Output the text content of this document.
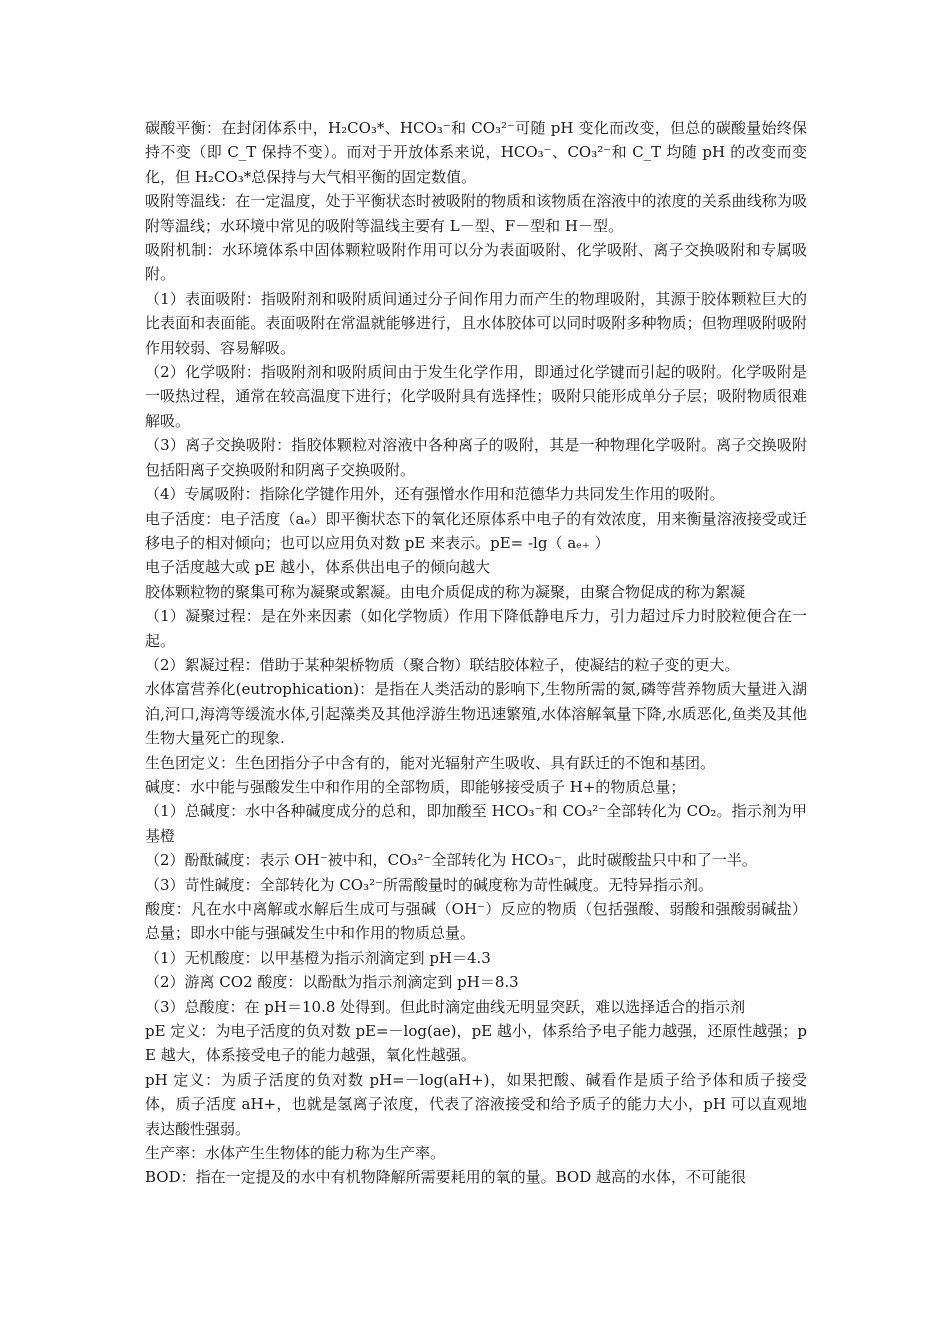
碳酸平衡：在封闭体系中，H₂CO₃*、HCO₃⁻和 CO₃²⁻可随 pH 变化而改变，但总的碳酸量始终保持不变（即 C_T 保持不变）。而对于开放体系来说，HCO₃⁻、CO₃²⁻和 C_T 均随 pH 的改变而变化，但 H₂CO₃*总保持与大气相平衡的固定数值。

吸附等温线：在一定温度，处于平衡状态时被吸附的物质和该物质在溶液中的浓度的关系曲线称为吸附等温线；水环境中常见的吸附等温线主要有 L－型、F－型和 H－型。

吸附机制：水环境体系中固体颗粒吸附作用可以分为表面吸附、化学吸附、离子交换吸附和专属吸附。

（1）表面吸附：指吸附剂和吸附质间通过分子间作用力而产生的物理吸附，其源于胶体颗粒巨大的比表面和表面能。表面吸附在常温就能够进行，且水体胶体可以同时吸附多种物质；但物理吸附吸附作用较弱、容易解吸。

（2）化学吸附：指吸附剂和吸附质间由于发生化学作用，即通过化学键而引起的吸附。化学吸附是一吸热过程，通常在较高温度下进行；化学吸附具有选择性；吸附只能形成单分子层；吸附物质很难解吸。

（3）离子交换吸附：指胶体颗粒对溶液中各种离子的吸附，其是一种物理化学吸附。离子交换吸附包括阳离子交换吸附和阴离子交换吸附。

（4）专属吸附：指除化学键作用外，还有强憎水作用和范德华力共同发生作用的吸附。

电子活度：电子活度（aₑ）即平衡状态下的氧化还原体系中电子的有效浓度，用来衡量溶液接受或迁移电子的相对倾向；也可以应用负对数 pE 来表示。pE= -lg（ aₑ₊ ）

电子活度越大或 pE 越小，体系供出电子的倾向越大

胶体颗粒物的聚集可称为凝聚或絮凝。由电介质促成的称为凝聚，由聚合物促成的称为絮凝

（1）凝聚过程：是在外来因素（如化学物质）作用下降低静电斥力，引力超过斥力时胶粒便合在一起。

（2）絮凝过程：借助于某种架桥物质（聚合物）联结胶体粒子，使凝结的粒子变的更大。

水体富营养化(eutrophication)：是指在人类活动的影响下,生物所需的氮,磷等营养物质大量进入湖泊,河口,海湾等缓流水体,引起藻类及其他浮游生物迅速繁殖,水体溶解氧量下降,水质恶化,鱼类及其他生物大量死亡的现象.

生色团定义：生色团指分子中含有的，能对光辐射产生吸收、具有跃迁的不饱和基团。

碱度：水中能与强酸发生中和作用的全部物质，即能够接受质子 H+的物质总量；

（1）总碱度：水中各种碱度成分的总和，即加酸至 HCO₃⁻和 CO₃²⁻全部转化为 CO₂。指示剂为甲基橙

（2）酚酞碱度：表示 OH⁻被中和，CO₃²⁻全部转化为 HCO₃⁻，此时碳酸盐只中和了一半。

（3）苛性碱度：全部转化为 CO₃²⁻所需酸量时的碱度称为苛性碱度。无特异指示剂。

酸度：凡在水中离解或水解后生成可与强碱（OH⁻）反应的物质（包括强酸、弱酸和强酸弱碱盐）总量；即水中能与强碱发生中和作用的物质总量。

（1）无机酸度：以甲基橙为指示剂滴定到 pH＝4.3

（2）游离 CO2 酸度：以酚酞为指示剂滴定到 pH＝8.3

（3）总酸度：在 pH＝10.8 处得到。但此时滴定曲线无明显突跃，难以选择适合的指示剂

pE 定义：为电子活度的负对数 pE=－log(ae)，pE 越小，体系给予电子能力越强，还原性越强；pE 越大，体系接受电子的能力越强，氧化性越强。

pH 定义：为质子活度的负对数 pH=－log(aH+)，如果把酸、碱看作是质子给予体和质子接受体，质子活度 aH+，也就是氢离子浓度，代表了溶液接受和给予质子的能力大小，pH 可以直观地表达酸性强弱。

生产率：水体产生生物体的能力称为生产率。

BOD：指在一定提及的水中有机物降解所需要耗用的氧的量。BOD 越高的水体，不可能很
